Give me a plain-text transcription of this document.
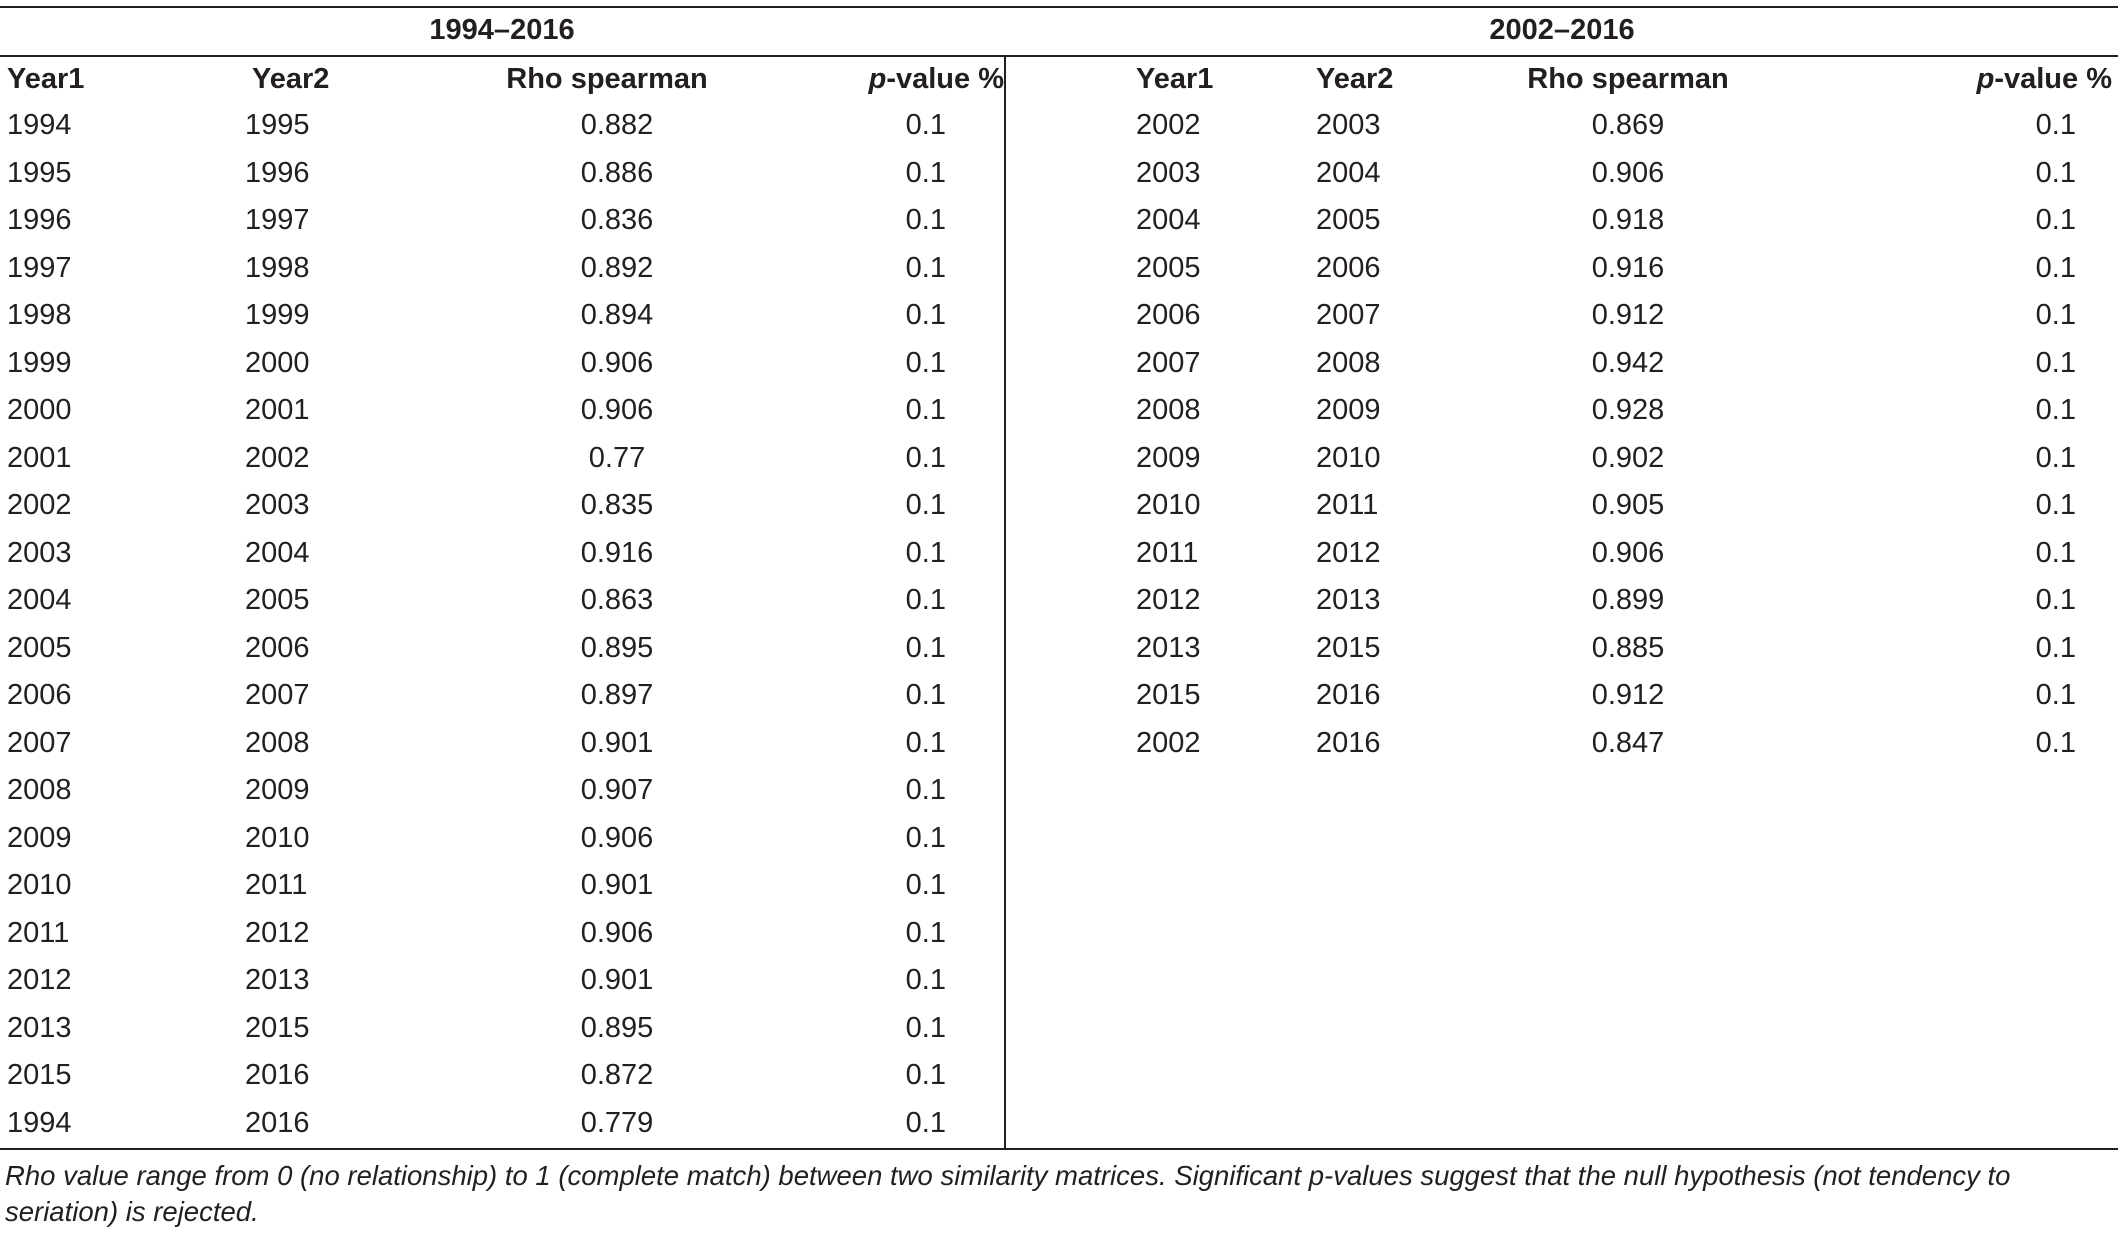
1994–2016	2002–2016
Year1	Year2	Rho spearman	p-value %
1994	1995	0.882	0.1
1995	1996	0.886	0.1
1996	1997	0.836	0.1
1997	1998	0.892	0.1
1998	1999	0.894	0.1
1999	2000	0.906	0.1
2000	2001	0.906	0.1
2001	2002	0.77	0.1
2002	2003	0.835	0.1
2003	2004	0.916	0.1
2004	2005	0.863	0.1
2005	2006	0.895	0.1
2006	2007	0.897	0.1
2007	2008	0.901	0.1
2008	2009	0.907	0.1
2009	2010	0.906	0.1
2010	2011	0.901	0.1
2011	2012	0.906	0.1
2012	2013	0.901	0.1
2013	2015	0.895	0.1
2015	2016	0.872	0.1
1994	2016	0.779	0.1
Year1	Year2	Rho spearman	p-value %
2002	2003	0.869	0.1
2003	2004	0.906	0.1
2004	2005	0.918	0.1
2005	2006	0.916	0.1
2006	2007	0.912	0.1
2007	2008	0.942	0.1
2008	2009	0.928	0.1
2009	2010	0.902	0.1
2010	2011	0.905	0.1
2011	2012	0.906	0.1
2012	2013	0.899	0.1
2013	2015	0.885	0.1
2015	2016	0.912	0.1
2002	2016	0.847	0.1
Rho value range from 0 (no relationship) to 1 (complete match) between two similarity matrices. Significant p-values suggest that the null hypothesis (not tendency to seriation) is rejected.
